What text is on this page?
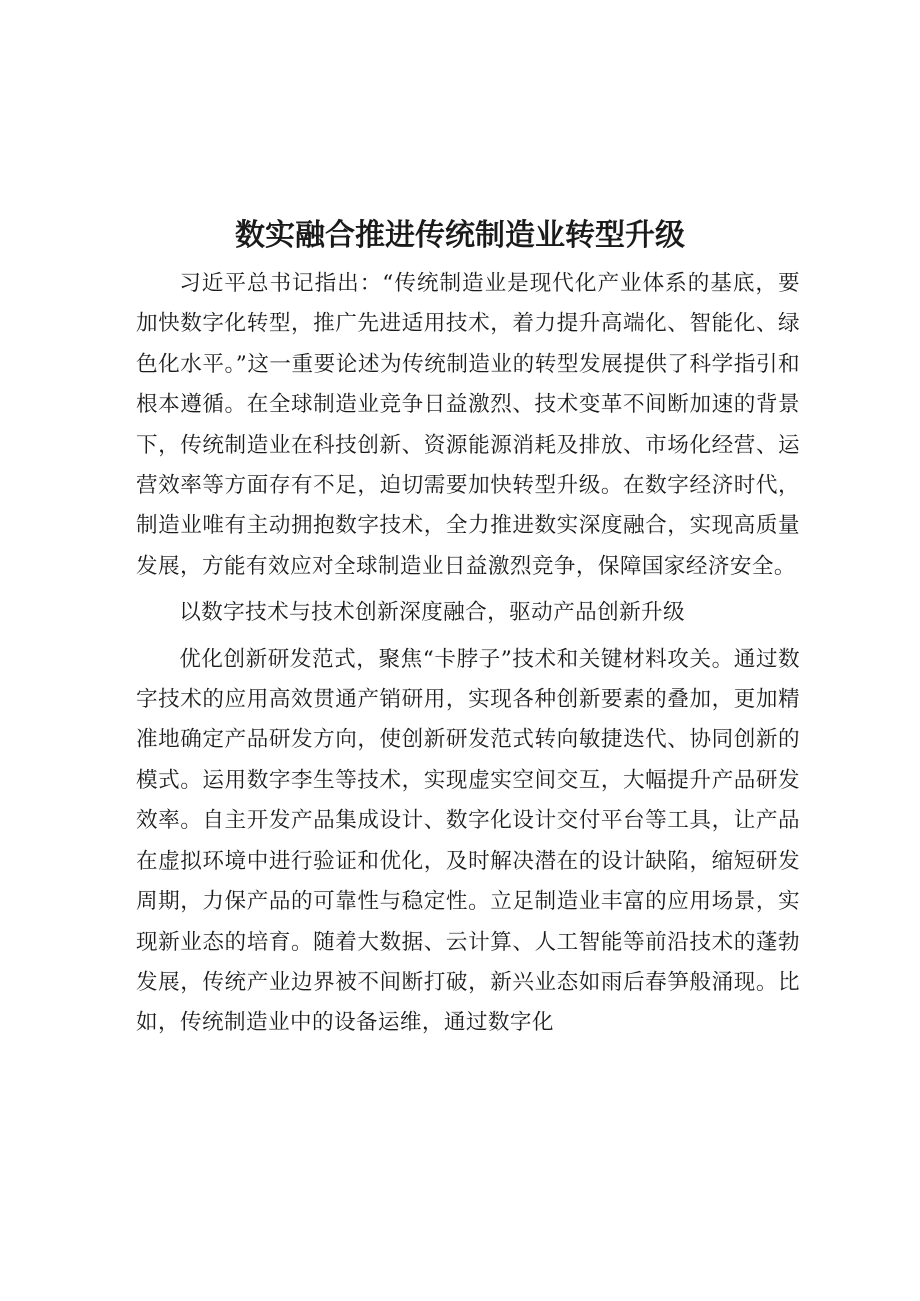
数实融合推进传统制造业转型升级

习近平总书记指出：“传统制造业是现代化产业体系的基底，要加快数字化转型，推广先进适用技术，着力提升高端化、智能化、绿色化水平。”这一重要论述为传统制造业的转型发展提供了科学指引和根本遵循。在全球制造业竞争日益激烈、技术变革不间断加速的背景下，传统制造业在科技创新、资源能源消耗及排放、市场化经营、运营效率等方面存有不足，迫切需要加快转型升级。在数字经济时代，制造业唯有主动拥抱数字技术，全力推进数实深度融合，实现高质量发展，方能有效应对全球制造业日益激烈竞争，保障国家经济安全。

以数字技术与技术创新深度融合，驱动产品创新升级

优化创新研发范式，聚焦“卡脖子”技术和关键材料攻关。通过数字技术的应用高效贯通产销研用，实现各种创新要素的叠加，更加精准地确定产品研发方向，使创新研发范式转向敏捷迭代、协同创新的模式。运用数字李生等技术，实现虚实空间交互，大幅提升产品研发效率。自主开发产品集成设计、数字化设计交付平台等工具，让产品在虚拟环境中进行验证和优化，及时解决潜在的设计缺陷，缩短研发周期，力保产品的可靠性与稳定性。立足制造业丰富的应用场景，实现新业态的培育。随着大数据、云计算、人工智能等前沿技术的蓬勃发展，传统产业边界被不间断打破，新兴业态如雨后春笋般涌现。比如，传统制造业中的设备运维，通过数字化
